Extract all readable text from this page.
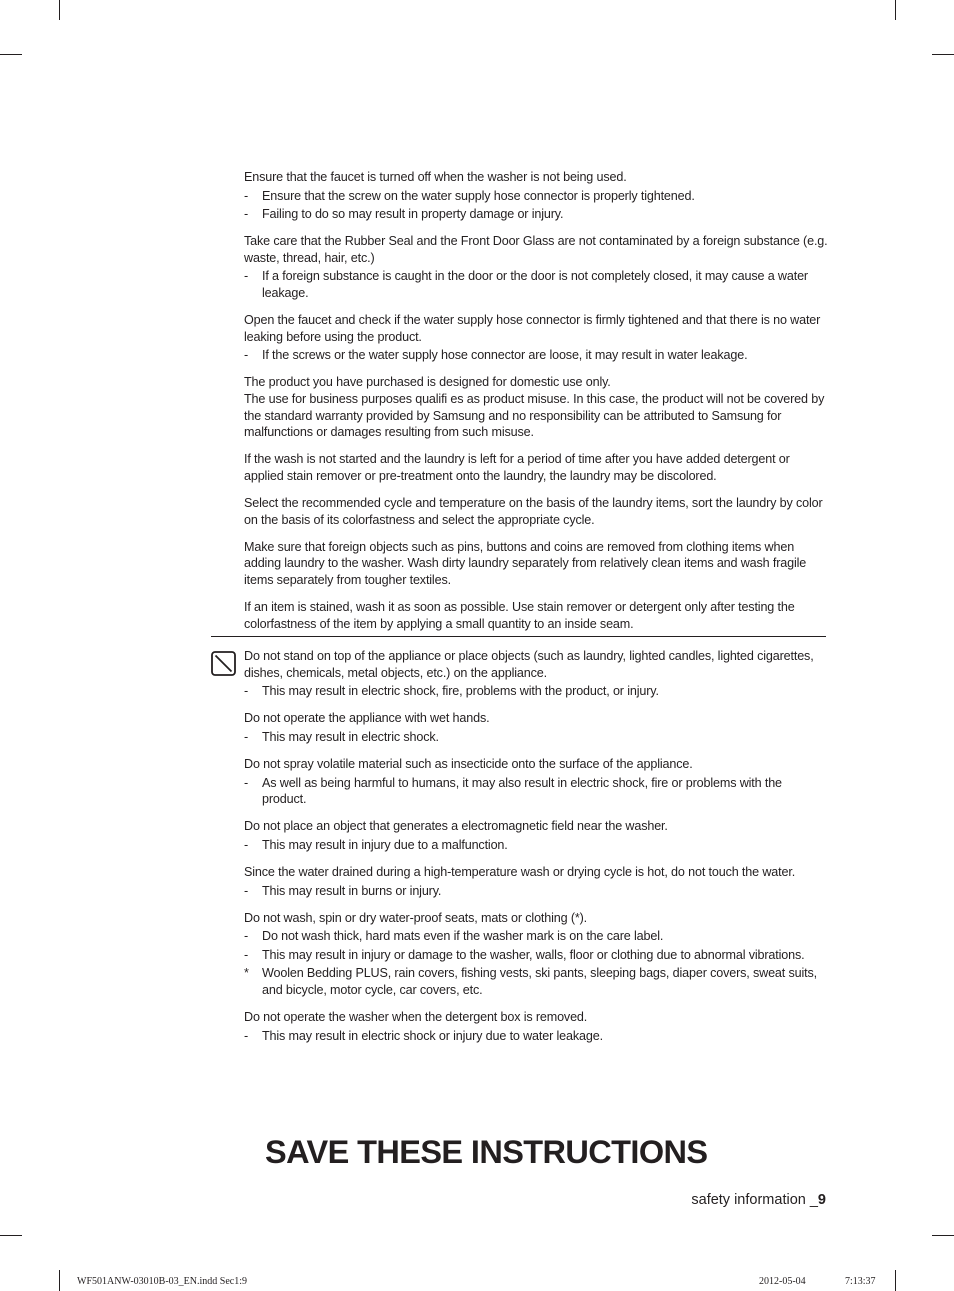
Ensure that the faucet is turned off when the washer is not being used.

- Ensure that the screw on the water supply hose connector is properly tightened.

- Failing to do so may result in property damage or injury.

Take care that the Rubber Seal and the Front Door Glass are not contaminated by a foreign substance (e.g. waste, thread, hair, etc.)

- If a foreign substance is caught in the door or the door is not completely closed, it may cause a water leakage.

Open the faucet and check if the water supply hose connector is firmly tightened and that there is no water leaking before using the product.

- If the screws or the water supply hose connector are loose, it may result in water leakage.

The product you have purchased is designed for domestic use only.

The use for business purposes qualifi es as product misuse. In this case, the product will not be covered by the standard warranty provided by Samsung and no responsibility can be attributed to Samsung for malfunctions or damages resulting from such misuse.

If the wash is not started and the laundry is left for a period of time after you have added detergent or applied stain remover or pre-treatment onto the laundry, the laundry may be discolored.

Select the recommended cycle and temperature on the basis of the laundry items, sort the laundry by color on the basis of its colorfastness and select the appropriate cycle.

Make sure that foreign objects such as pins, buttons and coins are removed from clothing items when adding laundry to the washer. Wash dirty laundry separately from relatively clean items and wash fragile items separately from tougher textiles.

If an item is stained, wash it as soon as possible. Use stain remover or detergent only after testing the colorfastness of the item by applying a small quantity to an inside seam.

Do not stand on top of the appliance or place objects (such as laundry, lighted candles, lighted cigarettes, dishes, chemicals, metal objects, etc.) on the appliance.

- This may result in electric shock, fire, problems with the product, or injury.

Do not operate the appliance with wet hands.

- This may result in electric shock.

Do not spray volatile material such as insecticide onto the surface of the appliance.

- As well as being harmful to humans, it may also result in electric shock, fire or problems with the product.

Do not place an object that generates a electromagnetic field near the washer.

- This may result in injury due to a malfunction.

Since the water drained during a high-temperature wash or drying cycle is hot, do not touch the water.

- This may result in burns or injury.

Do not wash, spin or dry water-proof seats, mats or clothing (*).

- Do not wash thick, hard mats even if the washer mark is on the care label.

- This may result in injury or damage to the washer, walls, floor or clothing due to abnormal vibrations.

* Woolen Bedding PLUS, rain covers, fishing vests, ski pants, sleeping bags, diaper covers, sweat suits, and bicycle, motor cycle, car covers, etc.

Do not operate the washer when the detergent box is removed.

- This may result in electric shock or injury due to water leakage.

SAVE THESE INSTRUCTIONS
safety information _9
WF501ANW-03010B-03_EN.indd Sec1:9	2012-05-04	7:13:37
